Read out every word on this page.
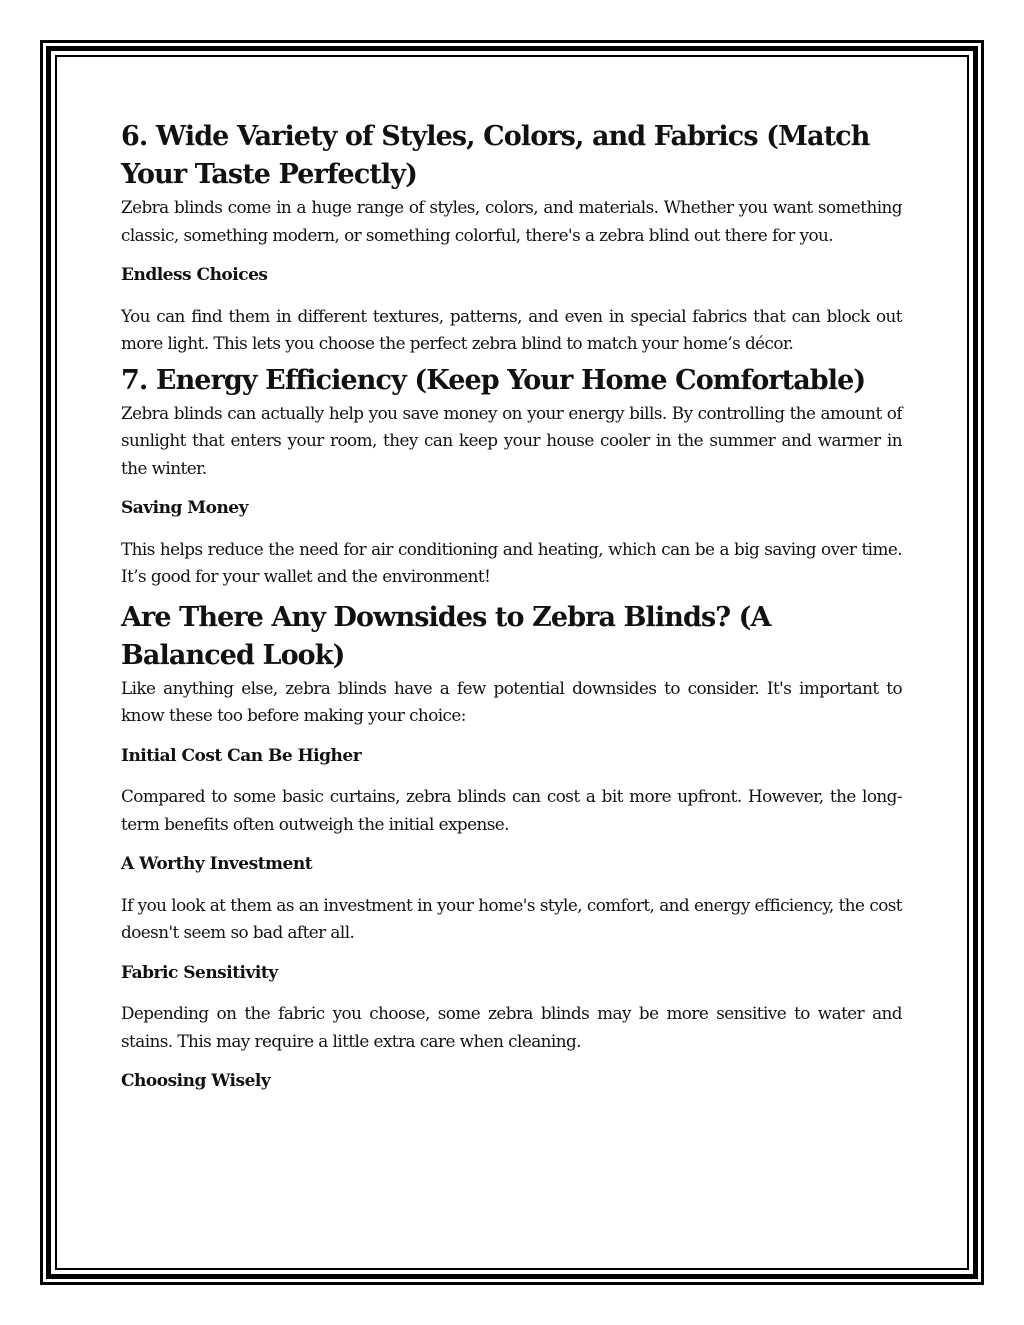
6. Wide Variety of Styles, Colors, and Fabrics (Match Your Taste Perfectly)

Zebra blinds come in a huge range of styles, colors, and materials. Whether you want something classic, something modern, or something colorful, there's a zebra blind out there for you.

Endless Choices

You can find them in different textures, patterns, and even in special fabrics that can block out more light. This lets you choose the perfect zebra blind to match your home’s décor.

7. Energy Efficiency (Keep Your Home Comfortable)

Zebra blinds can actually help you save money on your energy bills. By controlling the amount of sunlight that enters your room, they can keep your house cooler in the summer and warmer in the winter.

Saving Money

This helps reduce the need for air conditioning and heating, which can be a big saving over time. It’s good for your wallet and the environment!

Are There Any Downsides to Zebra Blinds? (A Balanced Look)

Like anything else, zebra blinds have a few potential downsides to consider. It's important to know these too before making your choice:

Initial Cost Can Be Higher

Compared to some basic curtains, zebra blinds can cost a bit more upfront. However, the long-term benefits often outweigh the initial expense.

A Worthy Investment

If you look at them as an investment in your home's style, comfort, and energy efficiency, the cost doesn't seem so bad after all.

Fabric Sensitivity

Depending on the fabric you choose, some zebra blinds may be more sensitive to water and stains. This may require a little extra care when cleaning.

Choosing Wisely
